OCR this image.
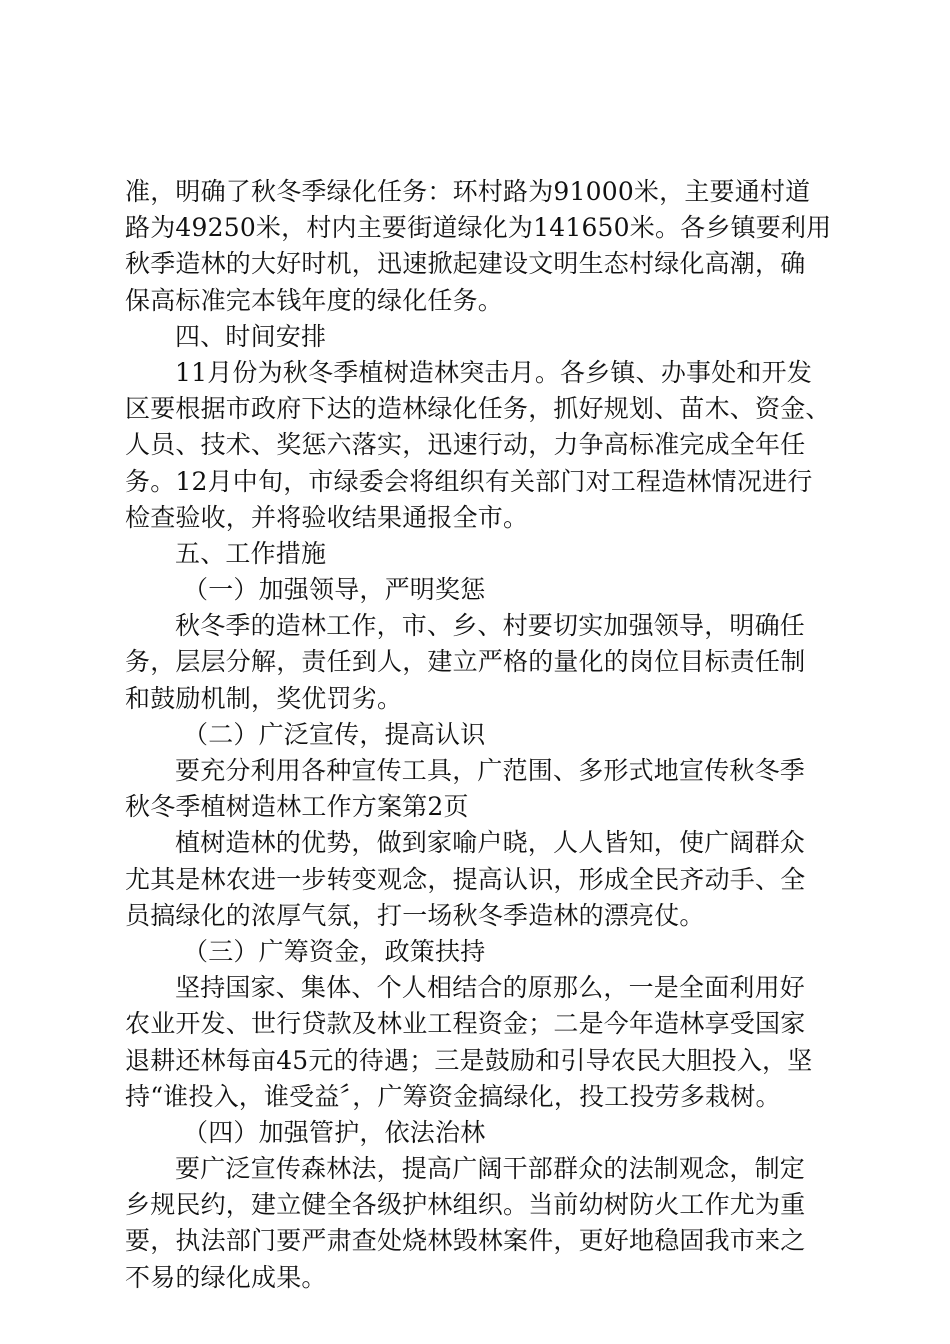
准，明确了秋冬季绿化任务：环村路为91000米，主要通村道
路为49250米，村内主要街道绿化为141650米。各乡镇要利用
秋季造林的大好时机，迅速掀起建设文明生态村绿化高潮，确
保高标准完本钱年度的绿化任务。
四、时间安排
11月份为秋冬季植树造林突击月。各乡镇、办事处和开发
区要根据市政府下达的造林绿化任务，抓好规划、苗木、资金、
人员、技术、奖惩六落实，迅速行动，力争高标准完成全年任
务。12月中旬，市绿委会将组织有关部门对工程造林情况进行
检查验收，并将验收结果通报全市。
五、工作措施
（一）加强领导，严明奖惩
秋冬季的造林工作，市、乡、村要切实加强领导，明确任
务，层层分解，责任到人，建立严格的量化的岗位目标责任制
和鼓励机制，奖优罚劣。
（二）广泛宣传，提高认识
要充分利用各种宣传工具，广范围、多形式地宣传秋冬季
秋冬季植树造林工作方案第2页
植树造林的优势，做到家喻户晓，人人皆知，使广阔群众
尤其是林农进一步转变观念，提高认识，形成全民齐动手、全
员搞绿化的浓厚气氛，打一场秋冬季造林的漂亮仗。
（三）广筹资金，政策扶持
坚持国家、集体、个人相结合的原那么，一是全面利用好
农业开发、世行贷款及林业工程资金；二是今年造林享受国家
退耕还林每亩45元的待遇；三是鼓励和引导农民大胆投入，坚
持“谁投入，谁受益〞，广筹资金搞绿化，投工投劳多栽树。
（四）加强管护，依法治林
要广泛宣传森林法，提高广阔干部群众的法制观念，制定
乡规民约，建立健全各级护林组织。当前幼树防火工作尤为重
要，执法部门要严肃查处烧林毁林案件，更好地稳固我市来之
不易的绿化成果。
